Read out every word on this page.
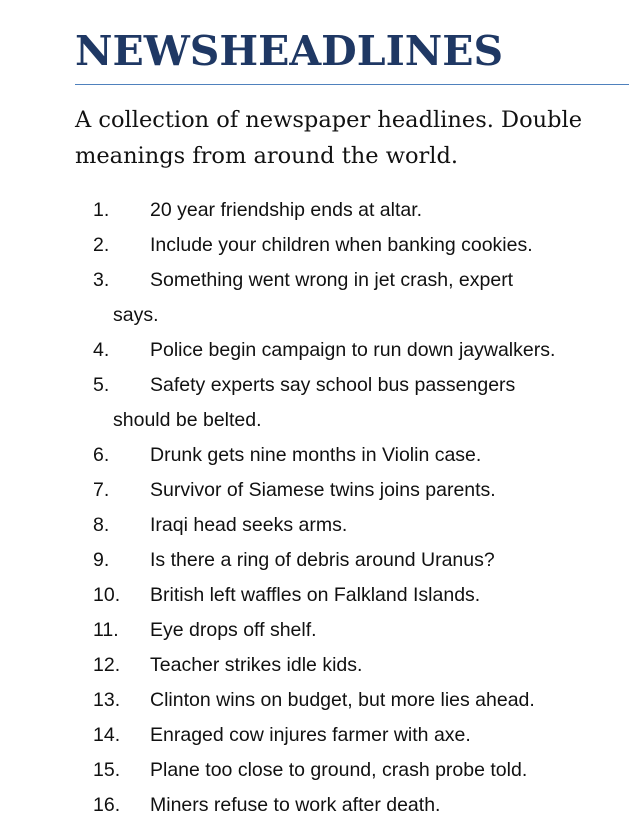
NEWSHEADLINES

A collection of newspaper headlines. Double
meanings from around the world.

1. 20 year friendship ends at altar.
2. Include your children when banking cookies.
3. Something went wrong in jet crash, expert
says.
4. Police begin campaign to run down jaywalkers.
5. Safety experts say school bus passengers
should be belted.
6. Drunk gets nine months in Violin case.
7. Survivor of Siamese twins joins parents.
8. Iraqi head seeks arms.
9. Is there a ring of debris around Uranus?
10. British left waffles on Falkland Islands.
11. Eye drops off shelf.
12. Teacher strikes idle kids.
13. Clinton wins on budget, but more lies ahead.
14. Enraged cow injures farmer with axe.
15. Plane too close to ground, crash probe told.
16. Miners refuse to work after death.
